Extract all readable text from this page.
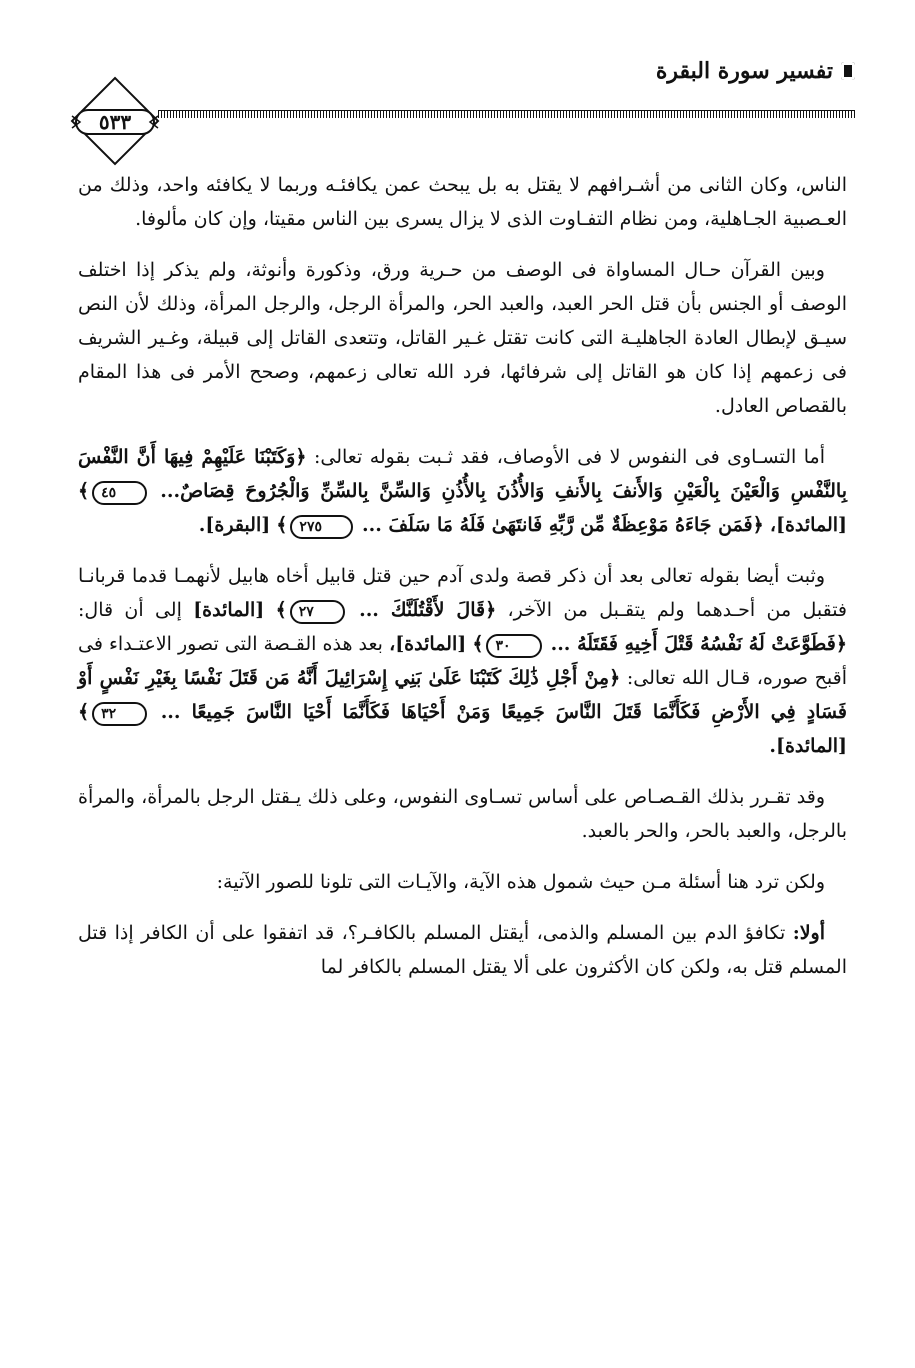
تفسير سورة البقرة
٥٣٣

الناس، وكان الثانى من أشـرافهم لا يقتل به بل يبحث عمن يكافئـه وربما لا يكافئه واحد، وذلك من العـصبية الجـاهلية، ومن نظام التفـاوت الذى لا يزال يسرى بين الناس مقيتا، وإن كان مألوفا.

وبين القرآن حـال المساواة فى الوصف من حـرية ورق، وذكورة وأنوثة، ولم يذكر إذا اختلف الوصف أو الجنس بأن قتل الحر العبد، والعبد الحر، والمرأة الرجل، والرجل المرأة، وذلك لأن النص سيـق لإبطال العادة الجاهليـة التى كانت تقتل غـير القاتل، وتتعدى القاتل إلى قبيلة، وغـير الشريف فى زعمهم إذا كان هو القاتل إلى شرفائها، فرد الله تعالى زعمهم، وصحح الأمر فى هذا المقام بالقصاص العادل.

أما التسـاوى فى النفوس لا فى الأوصاف، فقد ثـبت بقوله تعالى: ﴿وَكَتَبْنَا عَلَيْهِمْ فِيهَا أَنَّ النَّفْسَ بِالنَّفْسِ وَالْعَيْنَ بِالْعَيْنِ وَالأَنفَ بِالأَنفِ وَالأُذُنَ بِالأُذُنِ وَالسِّنَّ بِالسِّنِّ وَالْجُرُوحَ قِصَاصٌ... ٤٥﴾ [المائدة]، ﴿فَمَن جَاءَهُ مَوْعِظَةٌ مِّن رَّبِّهِ فَانتَهَىٰ فَلَهُ مَا سَلَفَ ... ٢٧٥﴾ [البقرة].

وثبت أيضا بقوله تعالى بعد أن ذكر قصة ولدى آدم حين قتل قابيل أخاه هابيل لأنهمـا قدما قربانـا فتقبل من أحـدهما ولم يتقـبل من الآخر، ﴿قَالَ لأَقْتُلَنَّكَ ... ٢٧﴾ [المائدة] إلى أن قال: ﴿فَطَوَّعَتْ لَهُ نَفْسُهُ قَتْلَ أَخِيهِ فَقَتَلَهُ ... ٣٠﴾ [المائدة]، بعد هذه القـصة التى تصور الاعتـداء فى أقبح صوره، قـال الله تعالى: ﴿مِنْ أَجْلِ ذَٰلِكَ كَتَبْنَا عَلَىٰ بَنِي إِسْرَائِيلَ أَنَّهُ مَن قَتَلَ نَفْسًا بِغَيْرِ نَفْسٍ أَوْ فَسَادٍ فِي الأَرْضِ فَكَأَنَّمَا قَتَلَ النَّاسَ جَمِيعًا وَمَنْ أَحْيَاهَا فَكَأَنَّمَا أَحْيَا النَّاسَ جَمِيعًا ... ٣٢﴾ [المائدة].

وقد تقـرر بذلك القـصـاص على أساس تسـاوى النفوس، وعلى ذلك يـقتل الرجل بالمرأة، والمرأة بالرجل، والعبد بالحر، والحر بالعبد.

ولكن ترد هنا أسئلة مـن حيث شمول هذه الآية، والآيـات التى تلونا للصور الآتية:

أولا: تكافؤ الدم بين المسلم والذمى، أيقتل المسلم بالكافـر؟، قد اتفقوا على أن الكافر إذا قتل المسلم قتل به، ولكن كان الأكثرون على ألا يقتل المسلم بالكافر لما
